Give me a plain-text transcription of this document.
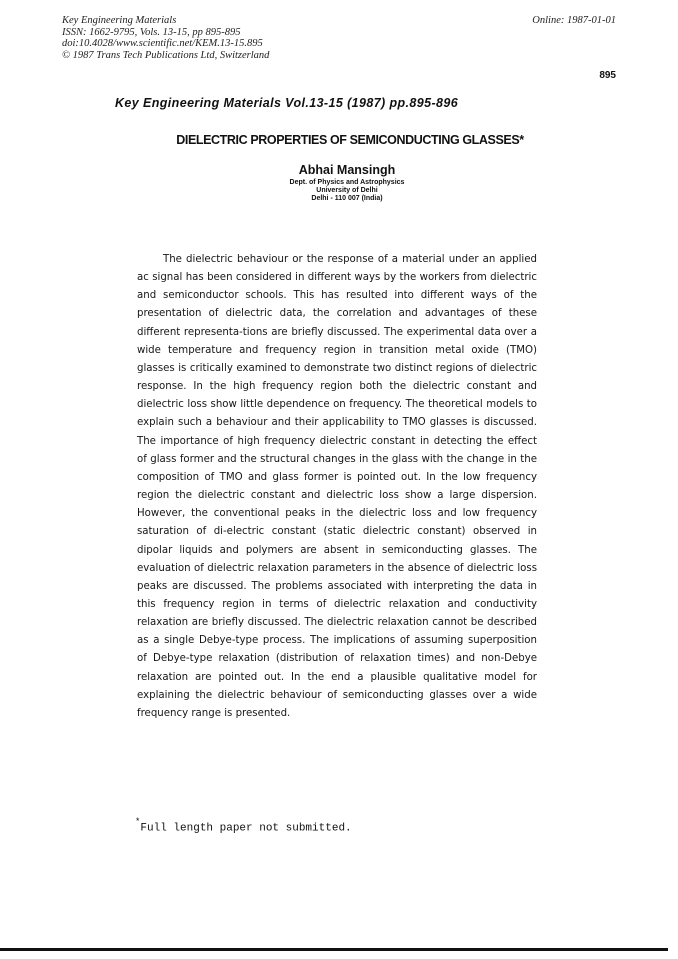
Key Engineering Materials
ISSN: 1662-9795, Vols. 13-15, pp 895-895
doi:10.4028/www.scientific.net/KEM.13-15.895
© 1987 Trans Tech Publications Ltd, Switzerland
Online: 1987-01-01
895
Key Engineering Materials Vol.13-15 (1987) pp.895-896
DIELECTRIC PROPERTIES OF SEMICONDUCTING GLASSES*
Abhai Mansingh
Dept. of Physics and Astrophysics
University of Delhi
Delhi - 110 007 (India)

The dielectric behaviour or the response of a material under an applied ac signal has been considered in different ways by the workers from dielectric and semiconductor schools. This has resulted into different ways of the presentation of dielectric data, the correlation and advantages of these different representa-tions are briefly discussed. The experimental data over a wide temperature and frequency region in transition metal oxide (TMO) glasses is critically examined to demonstrate two distinct regions of dielectric response. In the high frequency region both the dielectric constant and dielectric loss show little dependence on frequency. The theoretical models to explain such a behaviour and their applicability to TMO glasses is discussed. The importance of high frequency dielectric constant in detecting the effect of glass former and the structural changes in the glass with the change in the composition of TMO and glass former is pointed out. In the low frequency region the dielectric constant and dielectric loss show a large dispersion. However, the conventional peaks in the dielectric loss and low frequency saturation of di-electric constant (static dielectric constant) observed in dipolar liquids and polymers are absent in semiconducting glasses. The evaluation of dielectric relaxation parameters in the absence of dielectric loss peaks are discussed. The problems associated with interpreting the data in this frequency region in terms of dielectric relaxation and conductivity relaxation are briefly discussed. The dielectric relaxation cannot be described as a single Debye-type process. The implications of assuming superposition of Debye-type relaxation (distribution of relaxation times) and non-Debye relaxation are pointed out. In the end a plausible qualitative model for explaining the dielectric behaviour of semiconducting glasses over a wide frequency range is presented.

*Full length paper not submitted.
